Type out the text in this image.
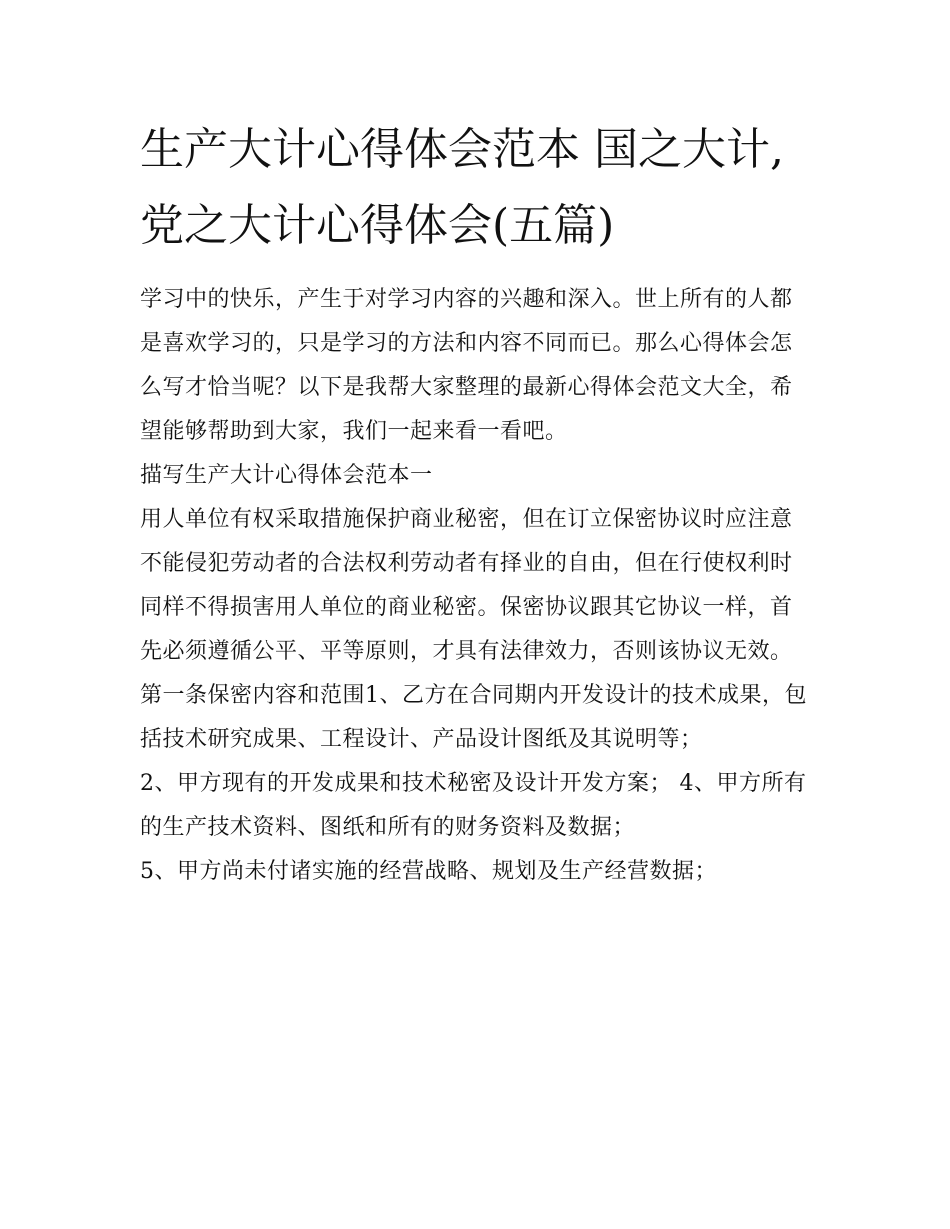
生产大计心得体会范本 国之大计,党之大计心得体会(五篇)

学习中的快乐，产生于对学习内容的兴趣和深入。世上所有的人都是喜欢学习的，只是学习的方法和内容不同而已。那么心得体会怎么写才恰当呢？以下是我帮大家整理的最新心得体会范文大全，希望能够帮助到大家，我们一起来看一看吧。

描写生产大计心得体会范本一

用人单位有权采取措施保护商业秘密，但在订立保密协议时应注意不能侵犯劳动者的合法权利劳动者有择业的自由，但在行使权利时同样不得损害用人单位的商业秘密。保密协议跟其它协议一样，首先必须遵循公平、平等原则，才具有法律效力，否则该协议无效。

第一条保密内容和范围1、乙方在合同期内开发设计的技术成果，包括技术研究成果、工程设计、产品设计图纸及其说明等；

2、甲方现有的开发成果和技术秘密及设计开发方案； 4、甲方所有的生产技术资料、图纸和所有的财务资料及数据；

5、甲方尚未付诸实施的经营战略、规划及生产经营数据；
